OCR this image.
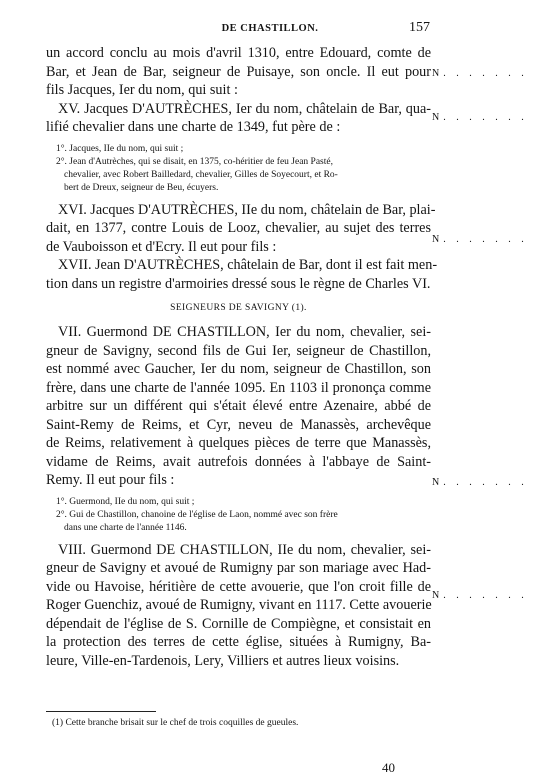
DE CHASTILLON.	157
un accord conclu au mois d'avril 1310, entre Edouard, comte de
Bar, et Jean de Bar, seigneur de Puisaye, son oncle. Il eut pour
fils Jacques, Ier du nom, qui suit :
XV. Jacques D'AUTRÈCHES, Ier du nom, châtelain de Bar, qua-
lifié chevalier dans une charte de 1349, fut père de :
1°. Jacques, IIe du nom, qui suit ;
2°. Jean d'Autrèches, qui se disait, en 1375, co-héritier de feu Jean Pasté,
chevalier, avec Robert Bailledard, chevalier, Gilles de Soyecourt, et Ro-
bert de Dreux, seigneur de Beu, écuyers.
XVI. Jacques D'AUTRÈCHES, IIe du nom, châtelain de Bar, plai-
dait, en 1377, contre Louis de Looz, chevalier, au sujet des terres
de Vauboisson et d'Ecry. Il eut pour fils :
XVII. Jean D'AUTRÈCHES, châtelain de Bar, dont il est fait men-
tion dans un registre d'armoiries dressé sous le règne de Charles VI.
SEIGNEURS DE SAVIGNY (1).
VII. Guermond DE CHASTILLON, Ier du nom, chevalier, sei-
gneur de Savigny, second fils de Gui Ier, seigneur de Chastillon,
est nommé avec Gaucher, Ier du nom, seigneur de Chastillon, son
frère, dans une charte de l'année 1095. En 1103 il prononça comme
arbitre sur un différent qui s'était élevé entre Azenaire, abbé de
Saint-Remy de Reims, et Cyr, neveu de Manassès, archevêque
de Reims, relativement à quelques pièces de terre que Manassès,
vidame de Reims, avait autrefois données à l'abbaye de Saint-
Remy. Il eut pour fils :
1°. Guermond, IIe du nom, qui suit ;
2°. Gui de Chastillon, chanoine de l'église de Laon, nommé avec son frère
dans une charte de l'année 1146.
VIII. Guermond DE CHASTILLON, IIe du nom, chevalier, sei-
gneur de Savigny et avoué de Rumigny par son mariage avec Had-
vide ou Havoise, héritière de cette avouerie, que l'on croit fille de
Roger Guenchiz, avoué de Rumigny, vivant en 1117. Cette avouerie
dépendait de l'église de S. Cornille de Compiègne, et consistait en
la protection des terres de cette église, situées à Rumigny, Ba-
leure, Ville-en-Tardenois, Lery, Villiers et autres lieux voisins.
N. . . . . . .
N. . . . . . .
N. . . . . . .
N. . . . . . .
N. . . . . . .
(1) Cette branche brisait sur le chef de trois coquilles de gueules.
40
